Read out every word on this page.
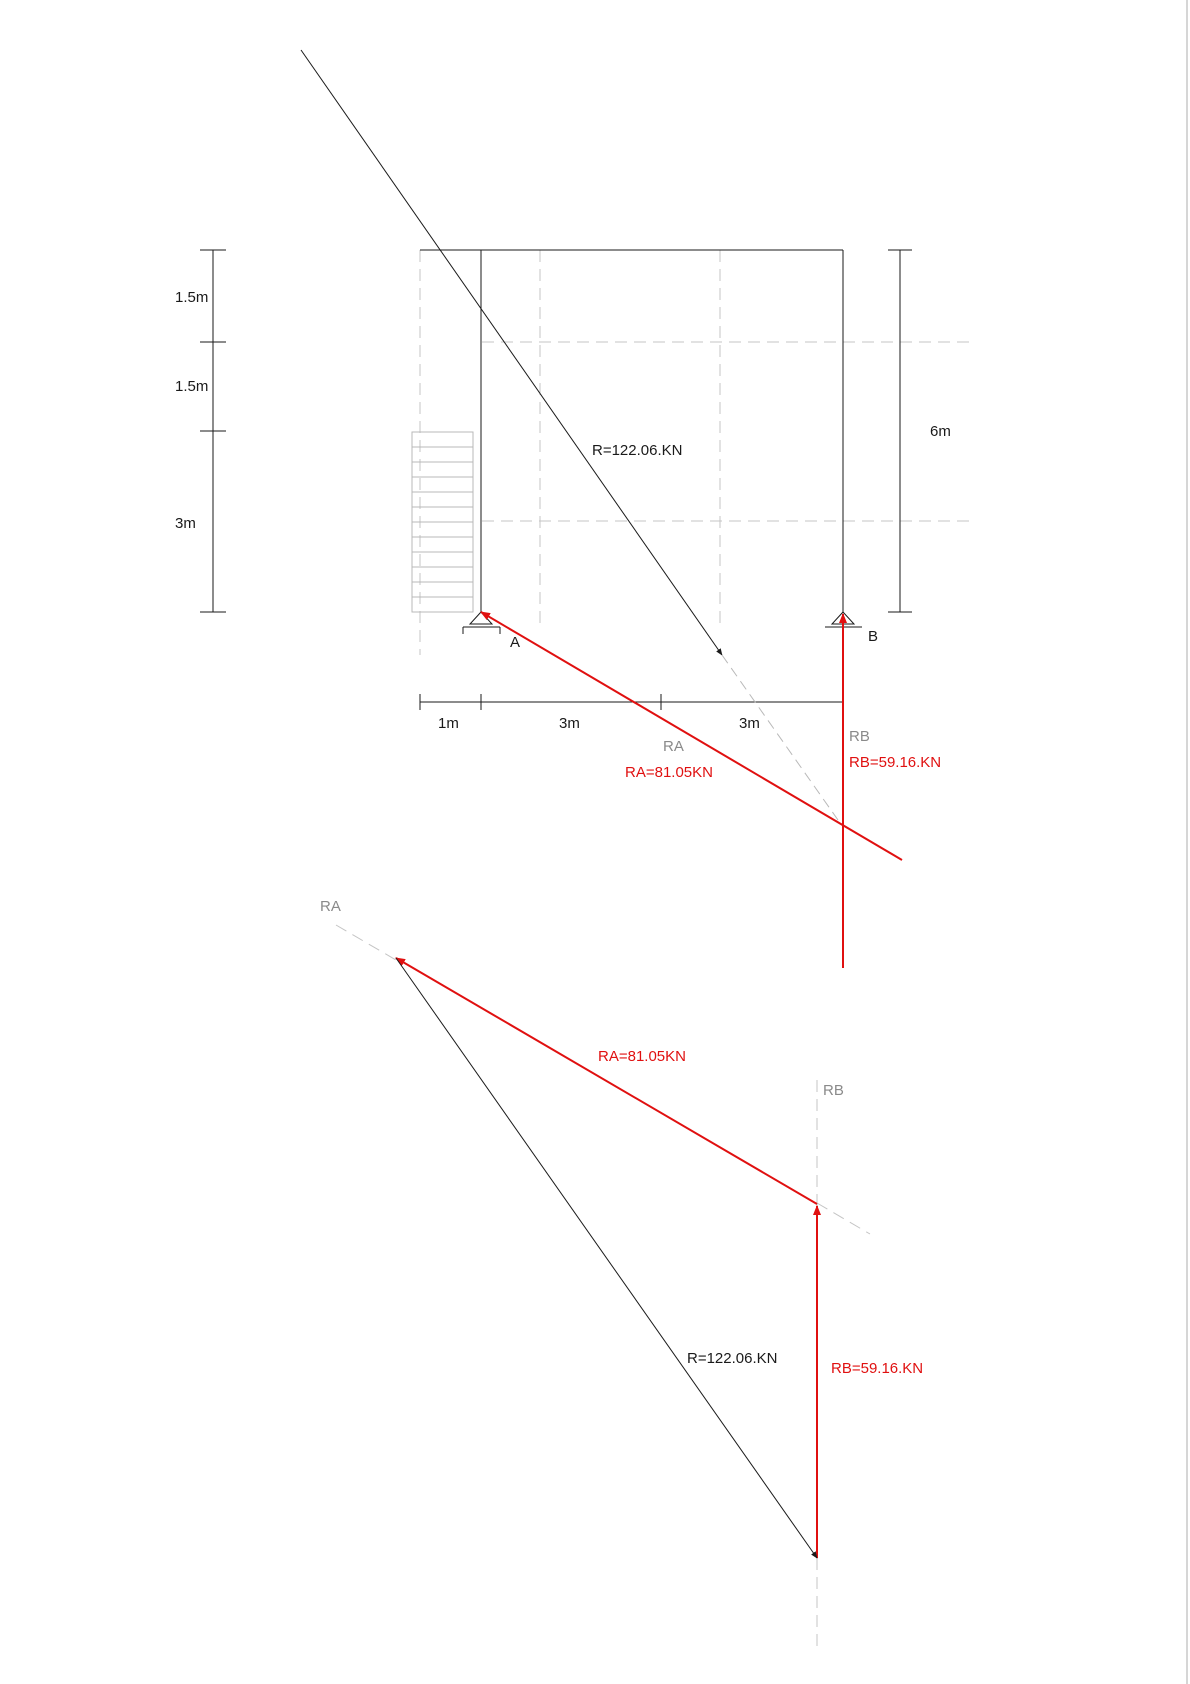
A	B
1.5m
1.5m
3m
6m
1m	3m	3m
R=122.06.KN
RA
RA=81.05KN
RB
RB=59.16.KN
RA
RA=81.05KN
RB
R=122.06.KN
RB=59.16.KN
